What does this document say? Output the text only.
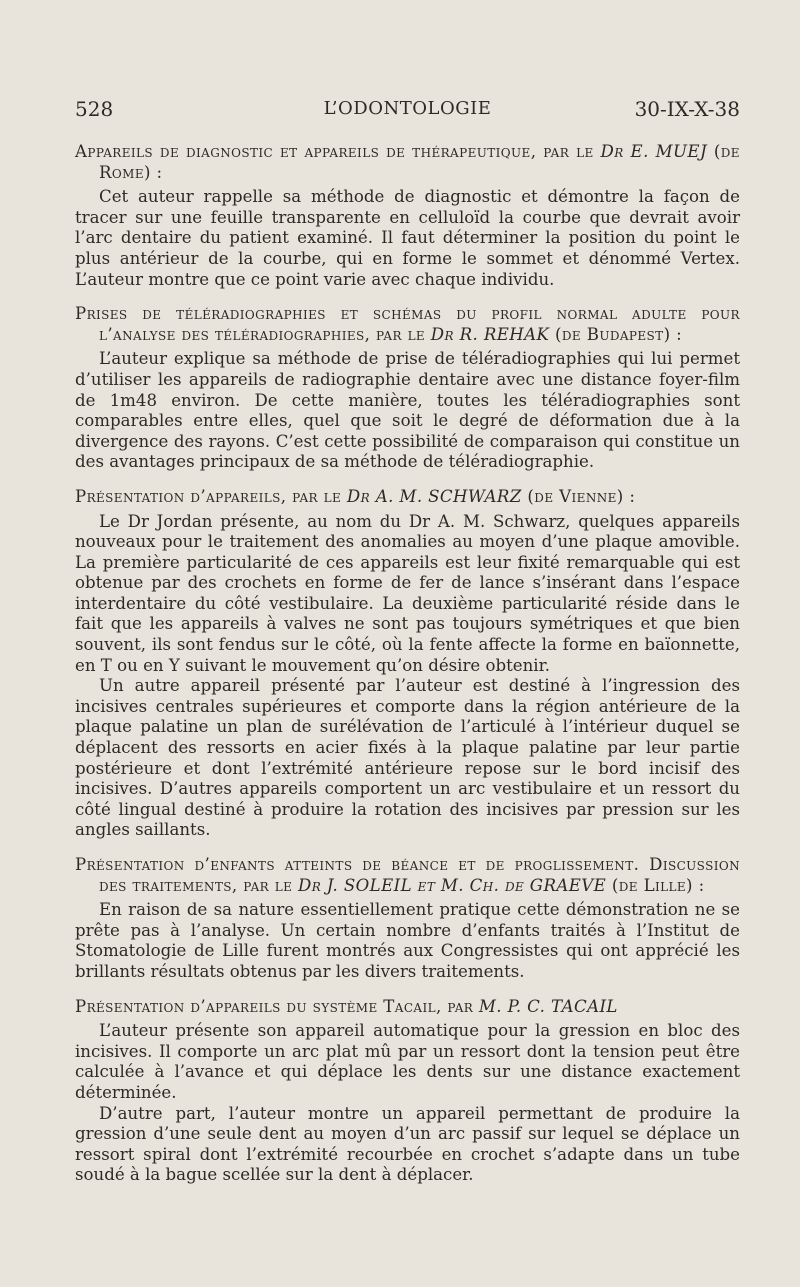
528	L’ODONTOLOGIE	30-IX-X-38
Appareils de diagnostic et appareils de thérapeutique, par le Dr E. MUEJ (de Rome) :

Cet auteur rappelle sa méthode de diagnostic et démontre la façon de tracer sur une feuille transparente en celluloïd la courbe que devrait avoir l’arc dentaire du patient examiné. Il faut déterminer la position du point le plus antérieur de la courbe, qui en forme le sommet et dénommé Vertex. L’auteur montre que ce point varie avec chaque individu.

Prises de téléradiographies et schémas du profil normal adulte pour l’analyse des téléradiographies, par le Dr R. REHAK (de Budapest) :

L’auteur explique sa méthode de prise de téléradiographies qui lui permet d’utiliser les appareils de radiographie dentaire avec une distance foyer-film de 1m48 environ. De cette manière, toutes les téléradiographies sont comparables entre elles, quel que soit le degré de déformation due à la divergence des rayons. C’est cette possibilité de comparaison qui constitue un des avantages principaux de sa méthode de téléradiographie.

Présentation d’appareils, par le Dr A. M. SCHWARZ (de Vienne) :

Le Dr Jordan présente, au nom du Dr A. M. Schwarz, quelques appareils nouveaux pour le traitement des anomalies au moyen d’une plaque amovible. La première particularité de ces appareils est leur fixité remarquable qui est obtenue par des crochets en forme de fer de lance s’insérant dans l’espace interdentaire du côté vestibulaire. La deuxième particularité réside dans le fait que les appareils à valves ne sont pas toujours symétriques et que bien souvent, ils sont fendus sur le côté, où la fente affecte la forme en baïonnette, en T ou en Y suivant le mouvement qu’on désire obtenir.

Un autre appareil présenté par l’auteur est destiné à l’ingression des incisives centrales supérieures et comporte dans la région antérieure de la plaque palatine un plan de surélévation de l’articulé à l’intérieur duquel se déplacent des ressorts en acier fixés à la plaque palatine par leur partie postérieure et dont l’extrémité antérieure repose sur le bord incisif des incisives. D’autres appareils comportent un arc vestibulaire et un ressort du côté lingual destiné à produire la rotation des incisives par pression sur les angles saillants.

Présentation d’enfants atteints de béance et de proglissement. Discussion des traitements, par le Dr J. SOLEIL et M. Ch. de GRAEVE (de Lille) :

En raison de sa nature essentiellement pratique cette démonstration ne se prête pas à l’analyse. Un certain nombre d’enfants traités à l’Institut de Stomatologie de Lille furent montrés aux Congressistes qui ont apprécié les brillants résultats obtenus par les divers traitements.

Présentation d’appareils du système Tacail, par M. P. C. TACAIL

L’auteur présente son appareil automatique pour la gression en bloc des incisives. Il comporte un arc plat mû par un ressort dont la tension peut être calculée à l’avance et qui déplace les dents sur une distance exactement déterminée.

D’autre part, l’auteur montre un appareil permettant de produire la gression d’une seule dent au moyen d’un arc passif sur lequel se déplace un ressort spiral dont l’extrémité recourbée en crochet s’adapte dans un tube soudé à la bague scellée sur la dent à déplacer.
